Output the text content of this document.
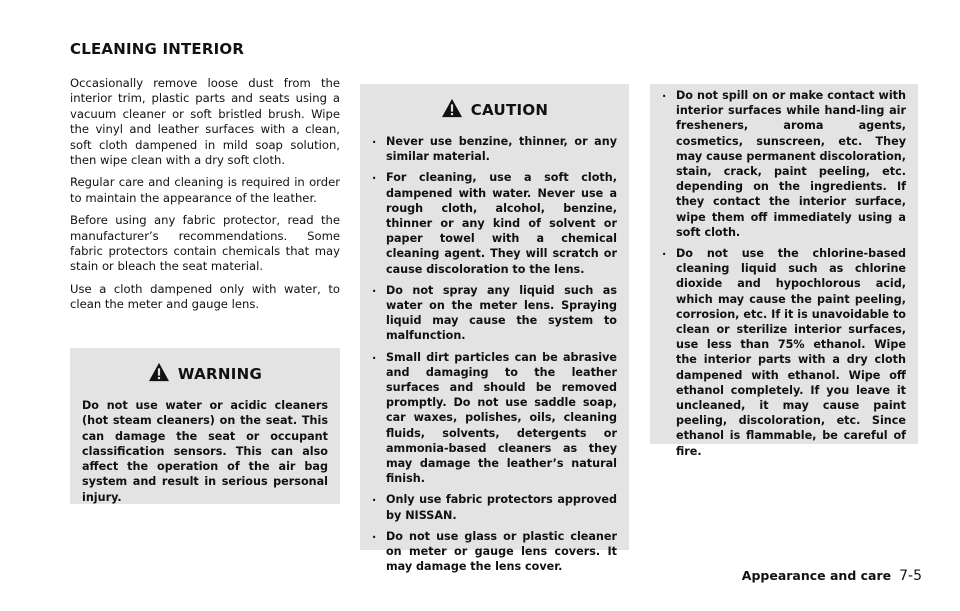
CLEANING INTERIOR

Occasionally remove loose dust from the interior trim, plastic parts and seats using a vacuum cleaner or soft bristled brush. Wipe the vinyl and leather surfaces with a clean, soft cloth dampened in mild soap solution, then wipe clean with a dry soft cloth.

Regular care and cleaning is required in order to maintain the appearance of the leather.

Before using any fabric protector, read the manufacturer’s recommendations. Some fabric protectors contain chemicals that may stain or bleach the seat material.

Use a cloth dampened only with water, to clean the meter and gauge lens.

WARNING
Do not use water or acidic cleaners (hot steam cleaners) on the seat. This can damage the seat or occupant classification sensors. This can also affect the operation of the air bag system and result in serious personal injury.
CAUTION
. Never use benzine, thinner, or any similar material.
. For cleaning, use a soft cloth, dampened with water. Never use a rough cloth, alcohol, benzine, thinner or any kind of solvent or paper towel with a chemical cleaning agent. They will scratch or cause discoloration to the lens.
. Do not spray any liquid such as water on the meter lens. Spraying liquid may cause the system to malfunction.
. Small dirt particles can be abrasive and damaging to the leather surfaces and should be removed promptly. Do not use saddle soap, car waxes, polishes, oils, cleaning fluids, solvents, detergents or ammonia-based cleaners as they may damage the leather’s natural finish.
. Only use fabric protectors approved by NISSAN.
. Do not use glass or plastic cleaner on meter or gauge lens covers. It may damage the lens cover.
. Do not spill on or make contact with interior surfaces while hand-ling air fresheners, aroma agents, cosmetics, sunscreen, etc. They may cause permanent discoloration, stain, crack, paint peeling, etc. depending on the ingredients. If they contact the interior surface, wipe them off immediately using a soft cloth.
. Do not use the chlorine-based cleaning liquid such as chlorine dioxide and hypochlorous acid, which may cause the paint peeling, corrosion, etc. If it is unavoidable to clean or sterilize interior surfaces, use less than 75% ethanol. Wipe the interior parts with a dry cloth dampened with ethanol. Wipe off ethanol completely. If you leave it uncleaned, it may cause paint peeling, discoloration, etc. Since ethanol is flammable, be careful of fire.
Appearance and care 7-5
